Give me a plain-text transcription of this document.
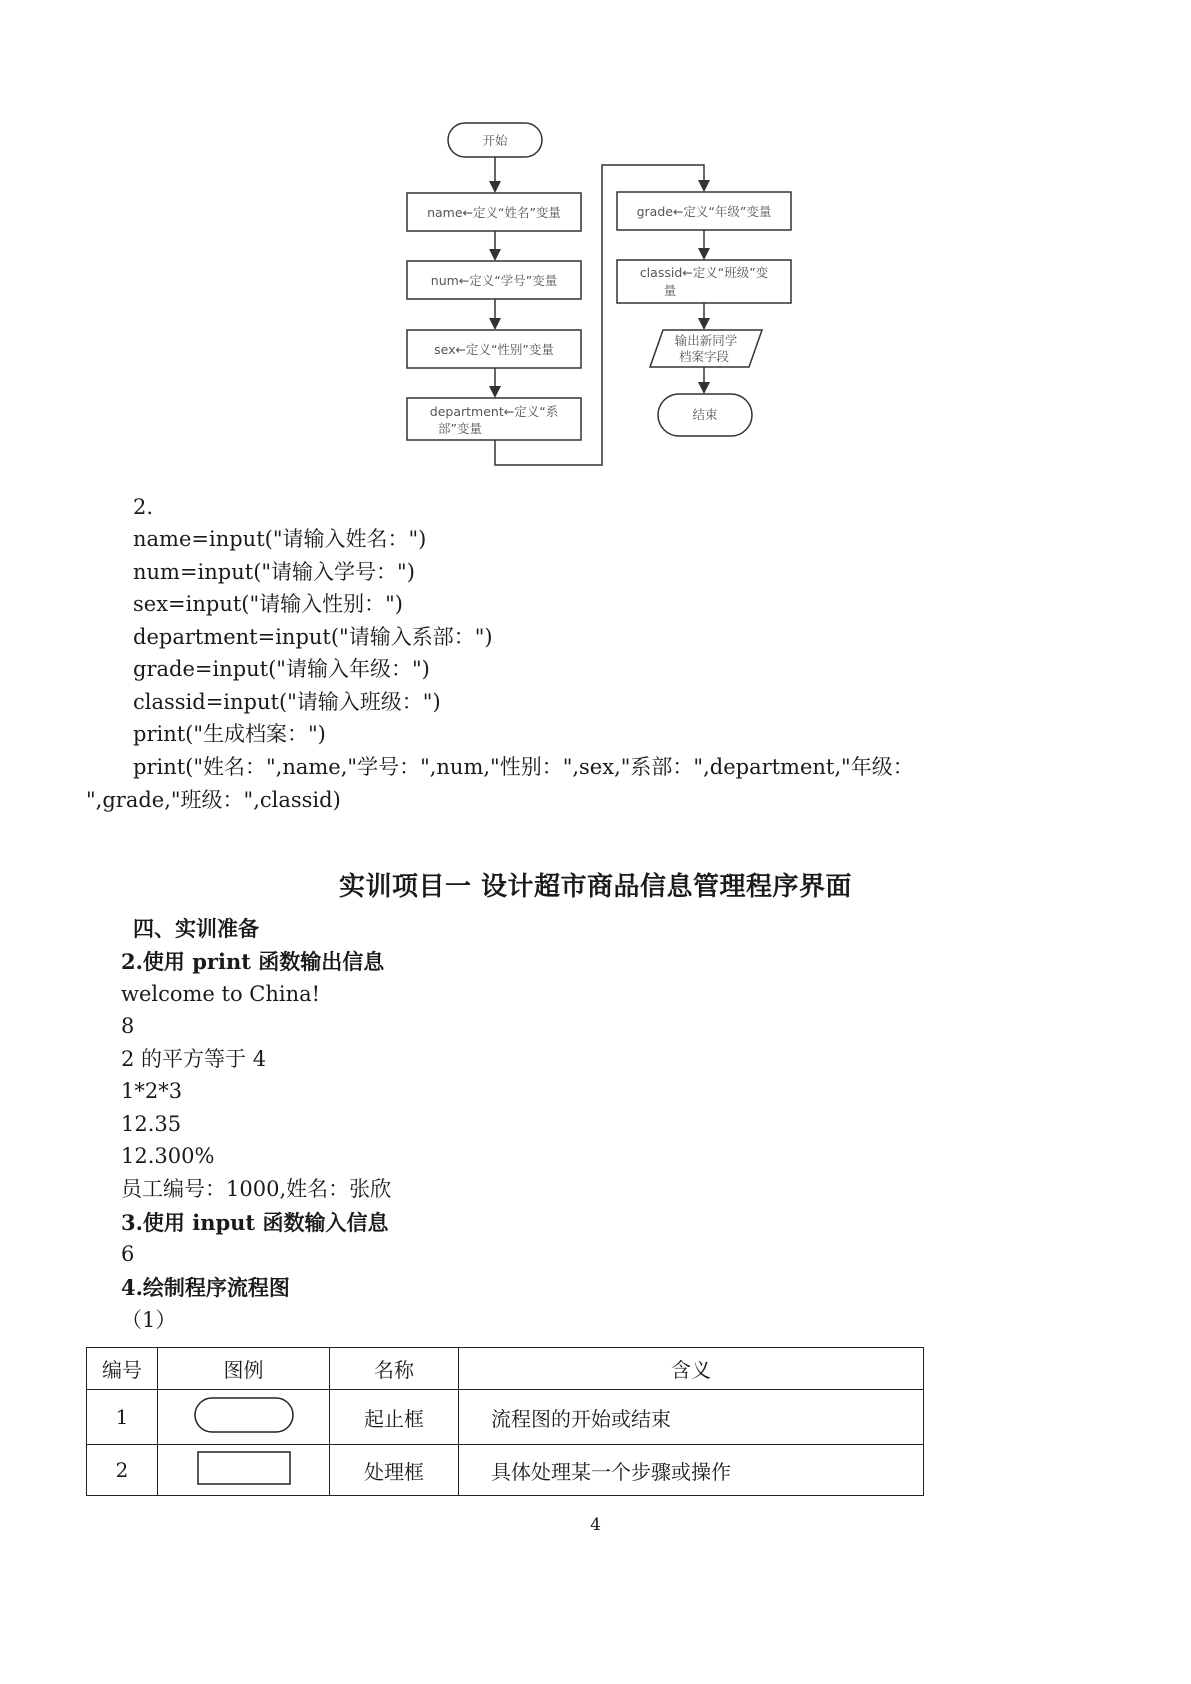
开始
name←定义“姓名”变量
num←定义“学号”变量
sex←定义“性别”变量
department←定义“系
部”变量
grade←定义“年级”变量
classid←定义“班级”变
量
输出新同学
档案字段
结束
2.
name=input("请输入姓名：")
num=input("请输入学号：")
sex=input("请输入性别：")
department=input("请输入系部：")
grade=input("请输入年级：")
classid=input("请输入班级：")
print("生成档案：")
print("姓名：",name,"学号：",num,"性别：",sex,"系部：",department,"年级：
",grade,"班级：",classid)
实训项目一 设计超市商品信息管理程序界面
四、实训准备
2.使用 print 函数输出信息
welcome to China!
8
2 的平方等于 4
1*2*3
12.35
12.300%
员工编号：1000,姓名：张欣
3.使用 input 函数输入信息
6
4.绘制程序流程图
（1）
编号	图例	名称	含义
1		起止框	流程图的开始或结束
2		处理框	具体处理某一个步骤或操作
4
